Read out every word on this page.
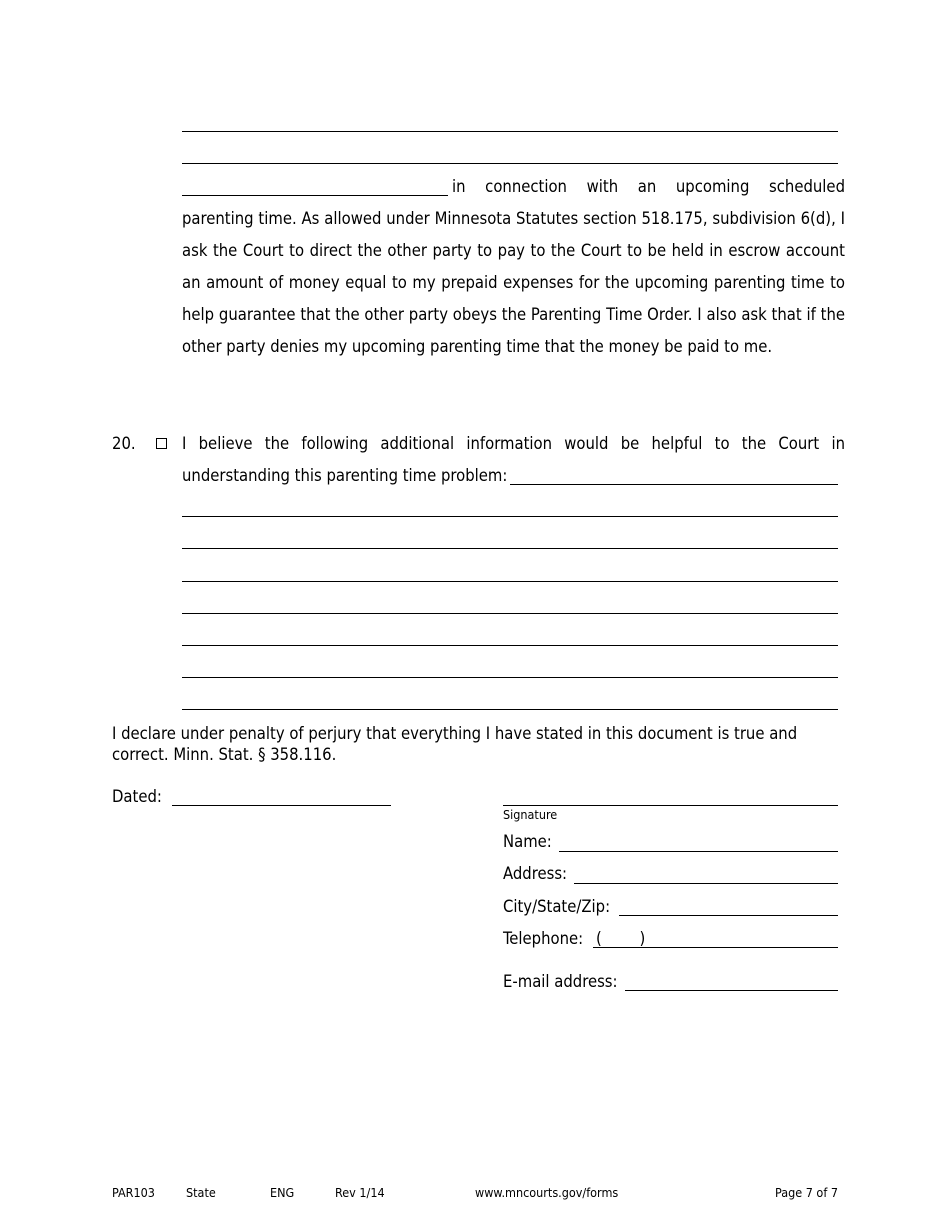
in connection with an upcoming scheduled parenting time. As allowed under Minnesota Statutes section 518.175, subdivision 6(d), I ask the Court to direct the other party to pay to the Court to be held in escrow account an amount of money equal to my prepaid expenses for the upcoming parenting time to help guarantee that the other party obeys the Parenting Time Order. I also ask that if the other party denies my upcoming parenting time that the money be paid to me.
20.	I believe the following additional information would be helpful to the Court in understanding this parenting time problem:
I declare under penalty of perjury that everything I have stated in this document is true and correct. Minn. Stat. § 358.116.
Dated:
Signature
Name:
Address:
City/State/Zip:
Telephone: (        )
E-mail address:
PAR103 State	ENG	Rev 1/14	www.mncourts.gov/forms	Page 7 of 7
